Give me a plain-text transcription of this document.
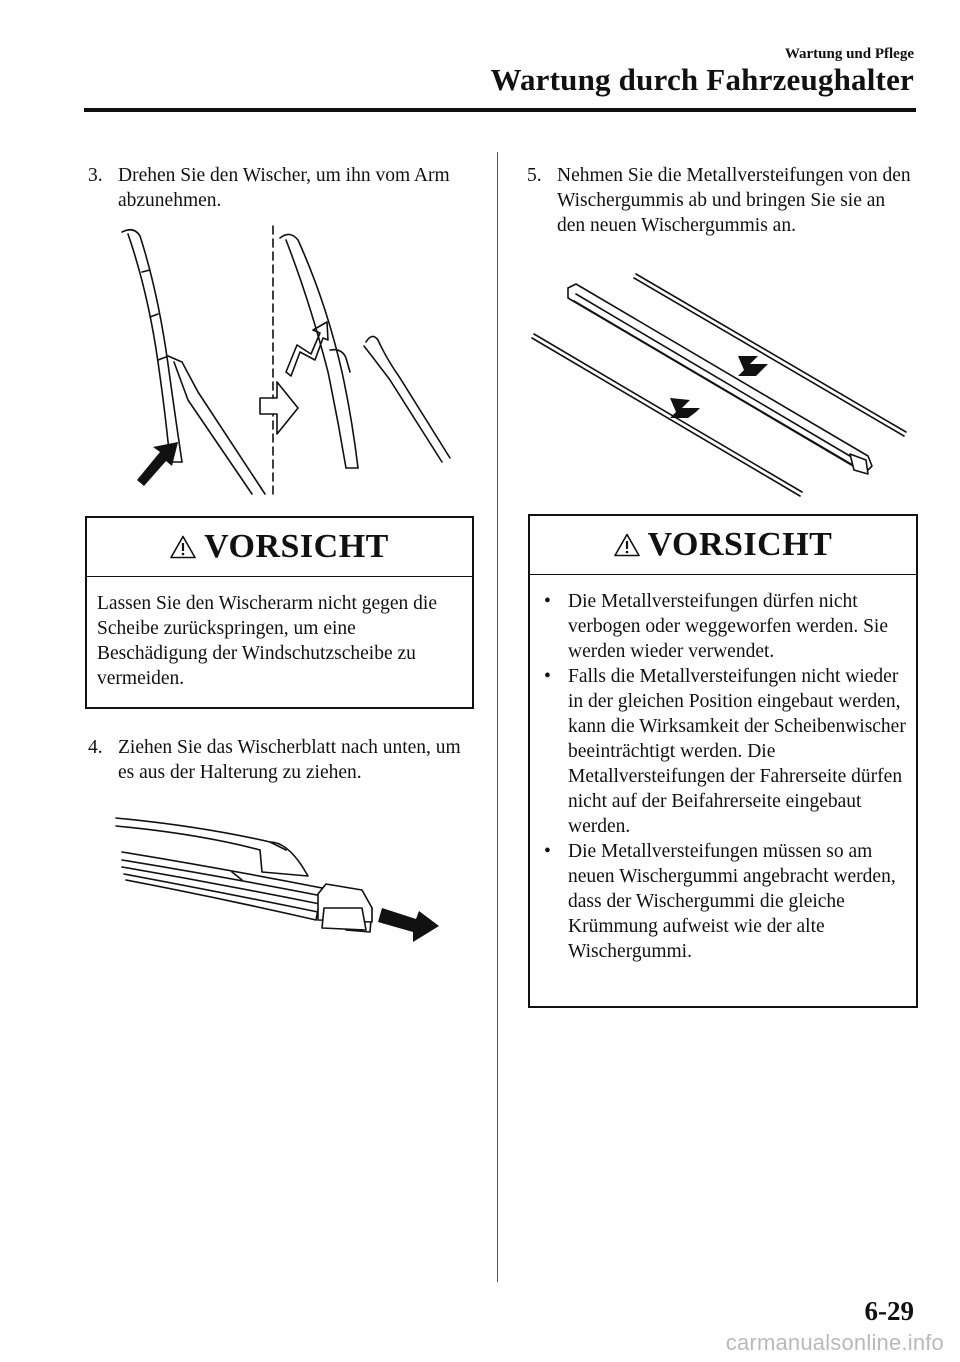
Wartung und Pflege
Wartung durch Fahrzeughalter
3. Drehen Sie den Wischer, um ihn vom Arm abzunehmen.
VORSICHT
Lassen Sie den Wischerarm nicht gegen die Scheibe zurückspringen, um eine Beschädigung der Windschutzscheibe zu vermeiden.
4. Ziehen Sie das Wischerblatt nach unten, um es aus der Halterung zu ziehen.
5. Nehmen Sie die Metallversteifungen von den Wischergummis ab und bringen Sie sie an den neuen Wischergummis an.
VORSICHT
• Die Metallversteifungen dürfen nicht verbogen oder weggeworfen werden. Sie werden wieder verwendet.
• Falls die Metallversteifungen nicht wieder in der gleichen Position eingebaut werden, kann die Wirksamkeit der Scheibenwischer beeinträchtigt werden. Die Metallversteifungen der Fahrerseite dürfen nicht auf der Beifahrerseite eingebaut werden.
• Die Metallversteifungen müssen so am neuen Wischergummi angebracht werden, dass der Wischergummi die gleiche Krümmung aufweist wie der alte Wischergummi.
6-29
carmanualsonline.info
